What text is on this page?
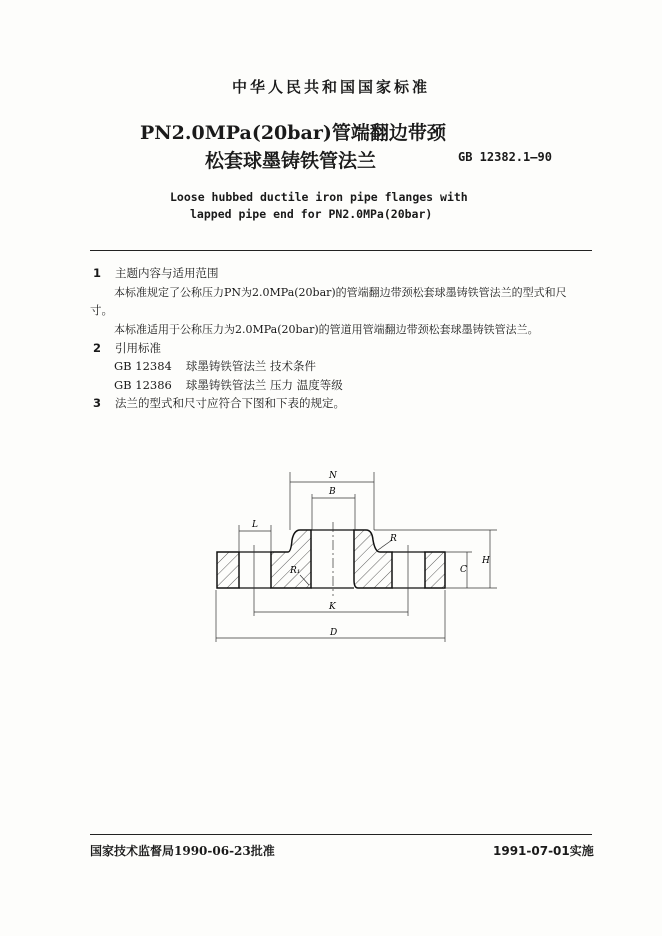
中华人民共和国国家标准
PN2.0MPa(20bar)管端翻边带颈
松套球墨铸铁管法兰	GB 12382.1—90
Loose hubbed ductile iron pipe flanges with
lapped pipe end for PN2.0MPa(20bar)
1 主题内容与适用范围
本标准规定了公称压力PN为2.0MPa(20bar)的管端翻边带颈松套球墨铸铁管法兰的型式和尺
寸。
本标准适用于公称压力为2.0MPa(20bar)的管道用管端翻边带颈松套球墨铸铁管法兰。
2 引用标准
GB 12384 球墨铸铁管法兰 技术条件
GB 12386 球墨铸铁管法兰 压力 温度等级
3 法兰的型式和尺寸应符合下图和下表的规定。
N
B
L
R
R₁
K
D
C
H
国家技术监督局1990-06-23批准	1991-07-01实施
